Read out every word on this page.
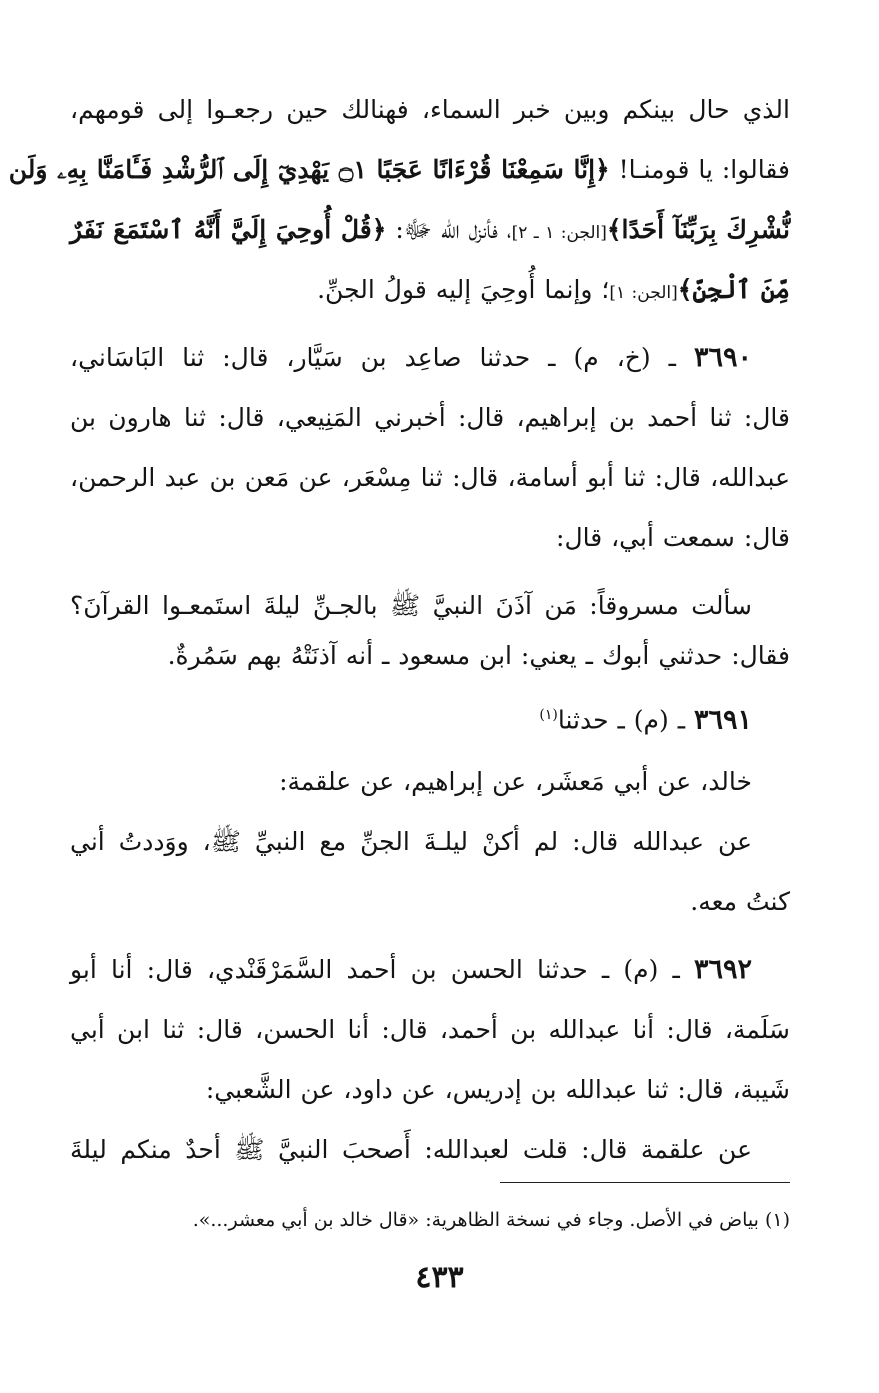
الذي حال بينكم وبين خبر السماء، فهنالك حين رجعـوا إلى قومهم،
فقالوا: يا قومنـا! ﴿إِنَّا سَمِعْنَا قُرْءَانًا عَجَبًا ۝١ يَهْدِيٓ إِلَى ٱلرُّشْدِ فَـَٔامَنَّا بِهِۦ وَلَن
نُّشْرِكَ بِرَبِّنَآ أَحَدًا﴾[الجن: ١ ـ ٢]، فأنزل الله ﷻ: ﴿قُلْ أُوحِيَ إِلَيَّ أَنَّهُ ٱسْتَمَعَ نَفَرٌ
مِّنَ ٱلْجِنِّ﴾[الجن: ١]؛ وإنما أُوحِيَ إليه قولُ الجنِّ.
٣٦٩٠ ـ (خ، م) ـ حدثنا صاعِد بن سَيَّار، قال: ثنا البَاسَاني،
قال: ثنا أحمد بن إبراهيم، قال: أخبرني المَنِيعي، قال: ثنا هارون بن
عبدالله، قال: ثنا أبو أسامة، قال: ثنا مِسْعَر، عن مَعن بن عبد الرحمن،
قال: سمعت أبي، قال:
سألت مسروقاً: مَن آذَنَ النبيَّ ﷺ بالجـنِّ ليلةَ استَمعـوا القرآنَ؟
فقال: حدثني أبوك ـ يعني: ابن مسعود ـ أنه آذنَتْهُ بهم سَمُرةٌ.
٣٦٩١ ـ (م) ـ حدثنا$^{(١)}$
خالد، عن أبي مَعشَر، عن إبراهيم، عن علقمة:
عن عبدالله قال: لم أكنْ ليلـةَ الجنِّ مع النبيِّ ﷺ، ووَددتُ أني
كنتُ معه.
٣٦٩٢ ـ (م) ـ حدثنا الحسن بن أحمد السَّمَرْقَنْدي، قال: أنا أبو
سَلَمة، قال: أنا عبدالله بن أحمد، قال: أنا الحسن، قال: ثنا ابن أبي
شَيبة، قال: ثنا عبدالله بن إدريس، عن داود، عن الشَّعبي:
عن علقمة قال: قلت لعبدالله: أَصحبَ النبيَّ ﷺ أحدٌ منكم ليلةَ
(١) بياض في الأصل. وجاء في نسخة الظاهرية: «قال خالد بن أبي معشر...».
٤٣٣
